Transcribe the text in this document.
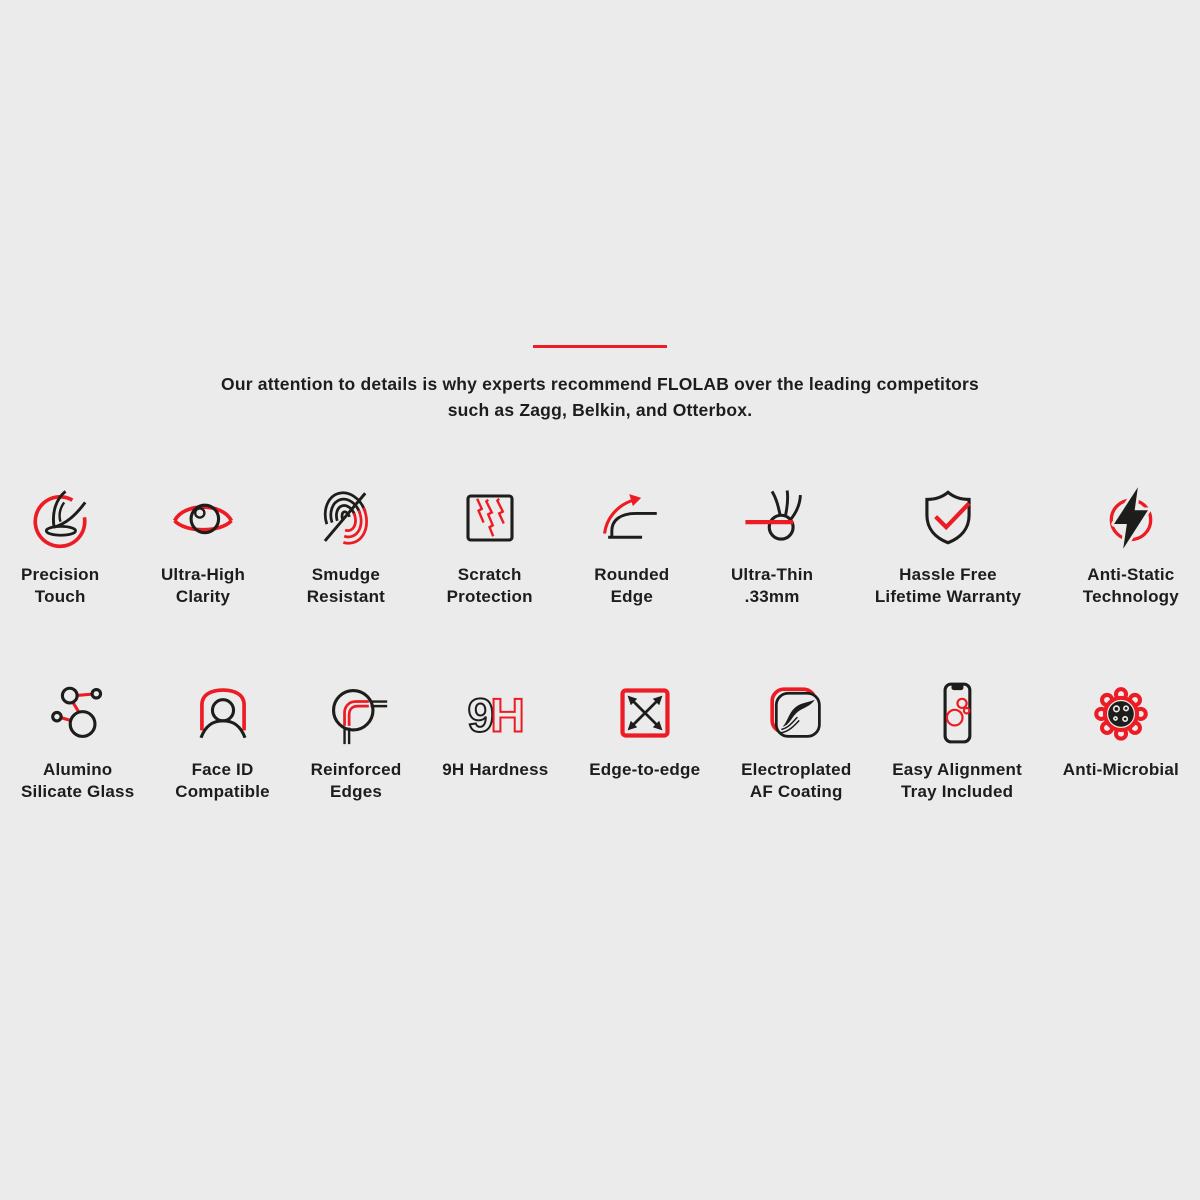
Our attention to details is why experts recommend FLOLAB over the leading competitors
such as Zagg, Belkin, and Otterbox.
Precision
Touch
Ultra-High
Clarity
Smudge
Resistant
Scratch
Protection
Rounded
Edge
Ultra-Thin
.33mm
Hassle Free
Lifetime Warranty
Anti-Static
Technology
Alumino
Silicate Glass
Face ID
Compatible
Reinforced
Edges
9
H
9H Hardness Edge-to-edge Electroplated
AF Coating
Easy Alignment
Tray Included
Anti-Microbial
